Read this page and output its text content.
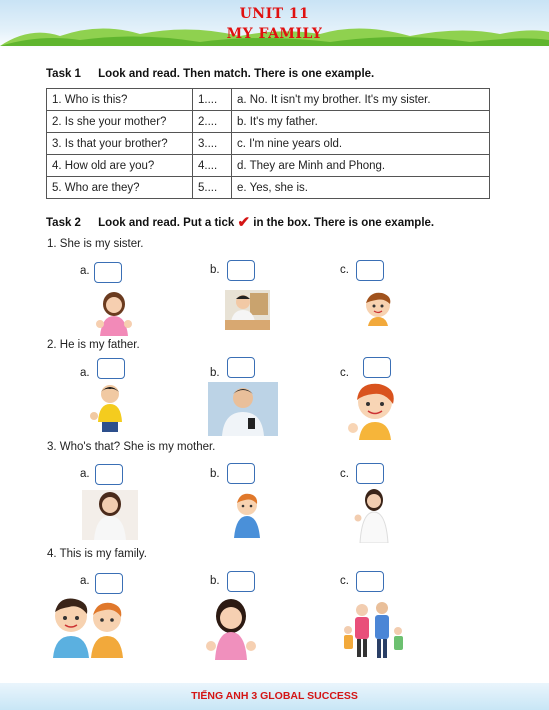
UNIT 11
MY FAMILY
Task 1 Look and read. Then match. There is one example.
1. Who is this?	1....	a. No. It isn't my brother. It's my sister.
2. Is she your mother?	2....	b. It's my father.
3. Is that your brother?	3....	c. I'm nine years old.
4. How old are you?	4....	d. They are Minh and Phong.
5. Who are they?	5....	e. Yes, she is.
Task 2 Look and read. Put a tick ✔ in the box. There is one example.
1. She is my sister.
a.	b.	c.
2. He is my father.
a.	b.	c.
3. Who's that? She is my mother.
a.	b.	c.
4. This is my family.
a.	b.	c.
TIẾNG ANH 3 GLOBAL SUCCESS
